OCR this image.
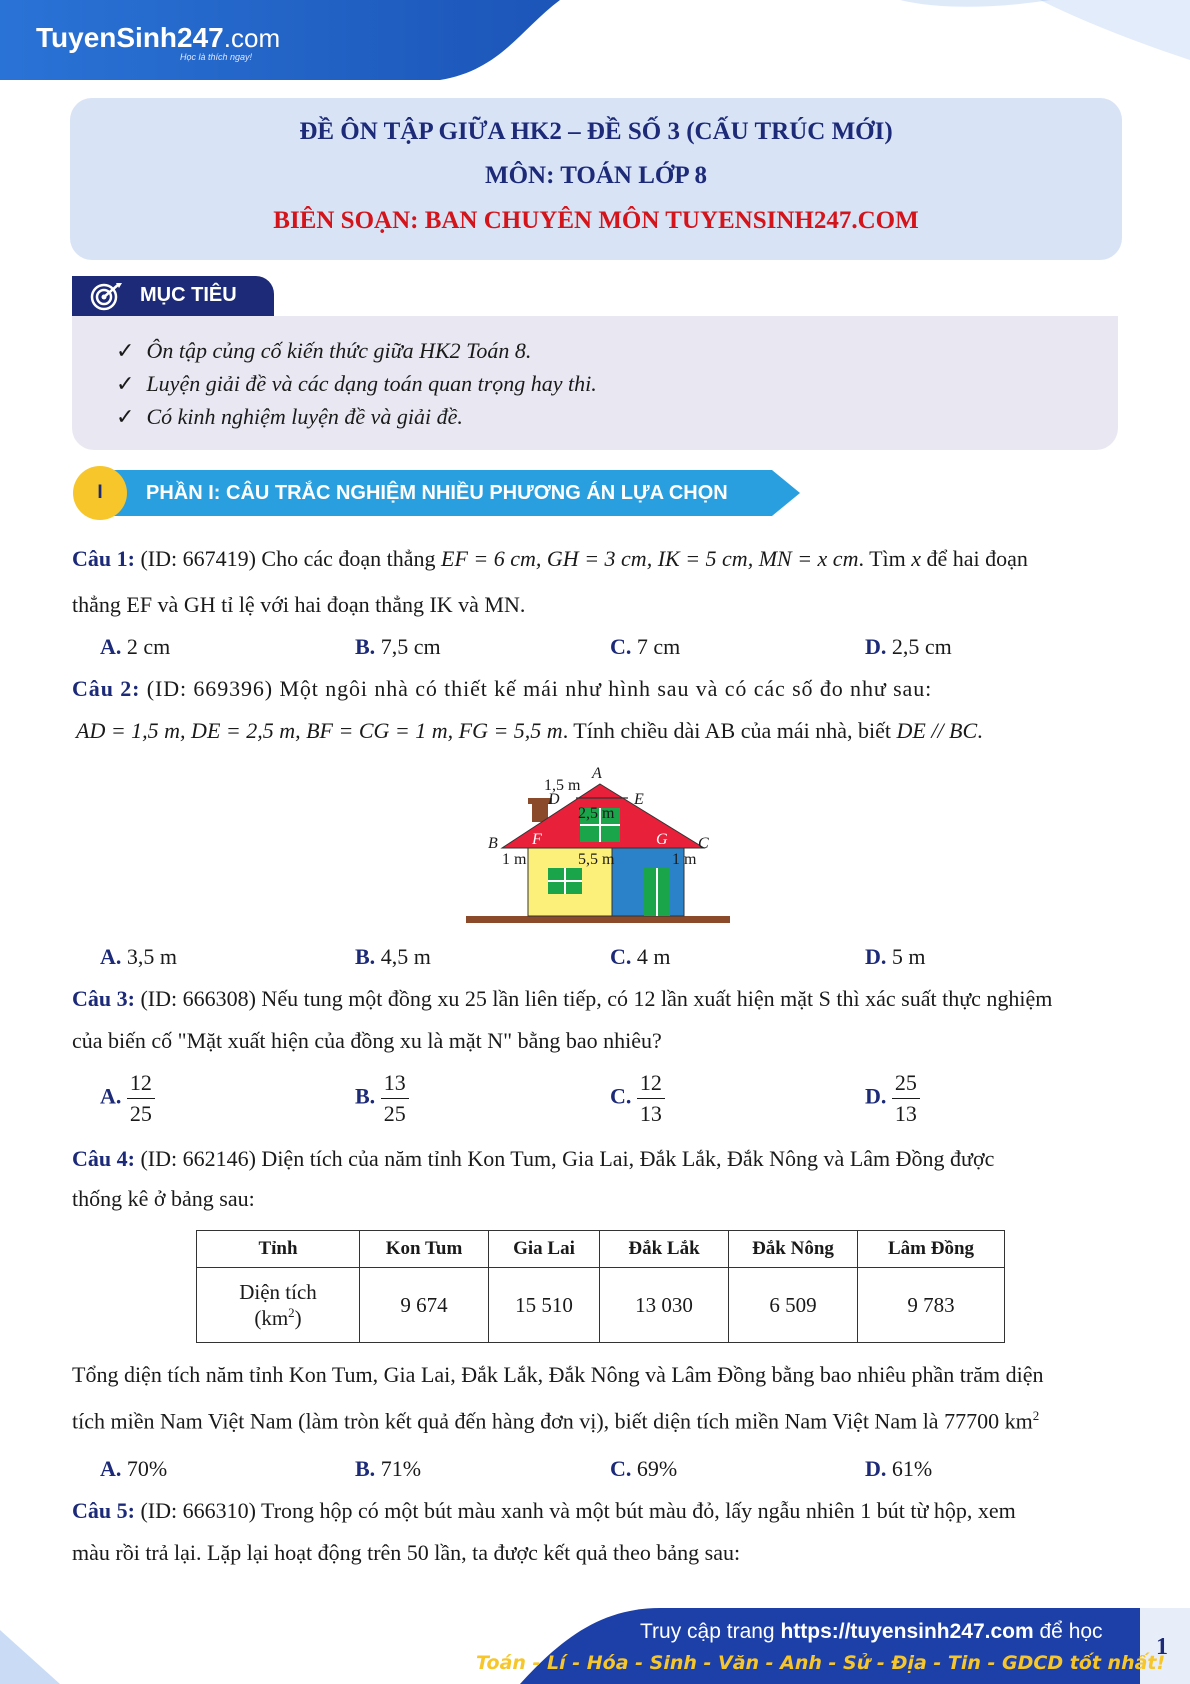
TuyenSinh247.com
Học là thích ngay!
ĐỀ ÔN TẬP GIỮA HK2 – ĐỀ SỐ 3 (CẤU TRÚC MỚI)
MÔN: TOÁN LỚP 8
BIÊN SOẠN: BAN CHUYÊN MÔN TUYENSINH247.COM
MỤC TIÊU
✓ Ôn tập củng cố kiến thức giữa HK2 Toán 8.
✓ Luyện giải đề và các dạng toán quan trọng hay thi.
✓ Có kinh nghiệm luyện đề và giải đề.
I	PHẦN I: CÂU TRẮC NGHIỆM NHIỀU PHƯƠNG ÁN LỰA CHỌN
Câu 1: (ID: 667419) Cho các đoạn thẳng EF = 6 cm, GH = 3 cm, IK = 5 cm, MN = x cm. Tìm x để hai đoạn
thẳng EF và GH tỉ lệ với hai đoạn thẳng IK và MN.
A. 2 cm	B. 7,5 cm	C. 7 cm	D. 2,5 cm
Câu 2: (ID: 669396) Một ngôi nhà có thiết kế mái như hình sau và có các số đo như sau:
AD = 1,5 m, DE = 2,5 m, BF = CG = 1 m, FG = 5,5 m. Tính chiều dài AB của mái nhà, biết DE // BC.
1,5 m
A
D	E
2,5 m
B F	G C
1 m	5,5 m	1 m
A. 3,5 m	B. 4,5 m	C. 4 m	D. 5 m
Câu 3: (ID: 666308) Nếu tung một đồng xu 25 lần liên tiếp, có 12 lần xuất hiện mặt S thì xác suất thực nghiệm
của biến cố "Mặt xuất hiện của đồng xu là mặt N" bằng bao nhiêu?
A. $\frac{12}{25}$	B. $\frac{13}{25}$	C. $\frac{12}{13}$	D. $\frac{25}{13}$
Câu 4: (ID: 662146) Diện tích của năm tỉnh Kon Tum, Gia Lai, Đắk Lắk, Đắk Nông và Lâm Đồng được
thống kê ở bảng sau:
Tỉnh	Kon Tum	Gia Lai	Đắk Lắk	Đắk Nông	Lâm Đồng
Diện tích
$(km^2)$	9 674	15 510	13 030	6 509	9 783
Tổng diện tích năm tỉnh Kon Tum, Gia Lai, Đắk Lắk, Đắk Nông và Lâm Đồng bằng bao nhiêu phần trăm diện
tích miền Nam Việt Nam (làm tròn kết quả đến hàng đơn vị), biết diện tích miền Nam Việt Nam là 77700 $km^2$
A. 70%	B. 71%	C. 69%	D. 61%
Câu 5: (ID: 666310) Trong hộp có một bút màu xanh và một bút màu đỏ, lấy ngẫu nhiên 1 bút từ hộp, xem
màu rồi trả lại. Lặp lại hoạt động trên 50 lần, ta được kết quả theo bảng sau:
Truy cập trang https://tuyensinh247.com để học
Toán - Lí - Hóa - Sinh - Văn - Anh - Sử - Địa - Tin - GDCD tốt nhất!
1
